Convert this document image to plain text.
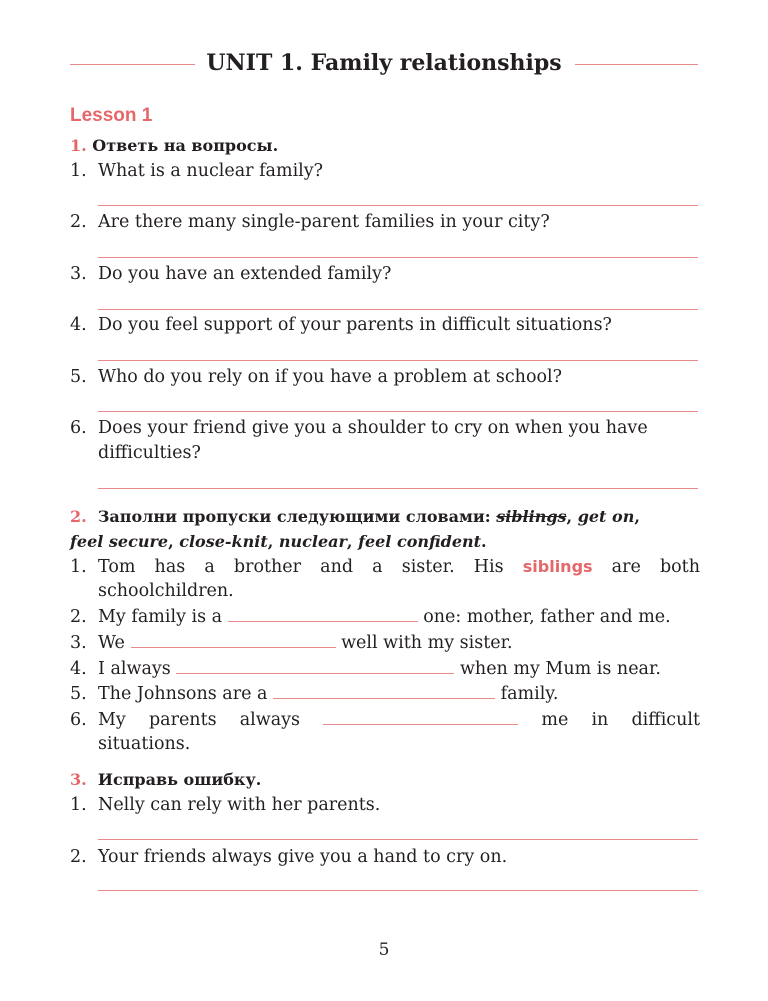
UNIT 1. Family relationships
Lesson 1
1. Ответь на вопросы.
1. What is a nuclear family?
2. Are there many single-parent families in your city?
3. Do you have an extended family?
4. Do you feel support of your parents in difficult situations?
5. Who do you rely on if you have a problem at school?
6. Does your friend give you a shoulder to cry on when you have
difficulties?
2. Заполни пропуски следующими словами: siblings, get on,
feel secure, close-knit, nuclear, feel confident.
1. Tom has a brother and a sister. His siblings are both
schoolchildren.
2. My family is a	one: mother, father and me.
3. We	well with my sister.
4. I always	when my Mum is near.
5. The Johnsons are a	family.
6. My parents always	me in difficult
situations.
3. Исправь ошибку.
1. Nelly can rely with her parents.
2. Your friends always give you a hand to cry on.
5
